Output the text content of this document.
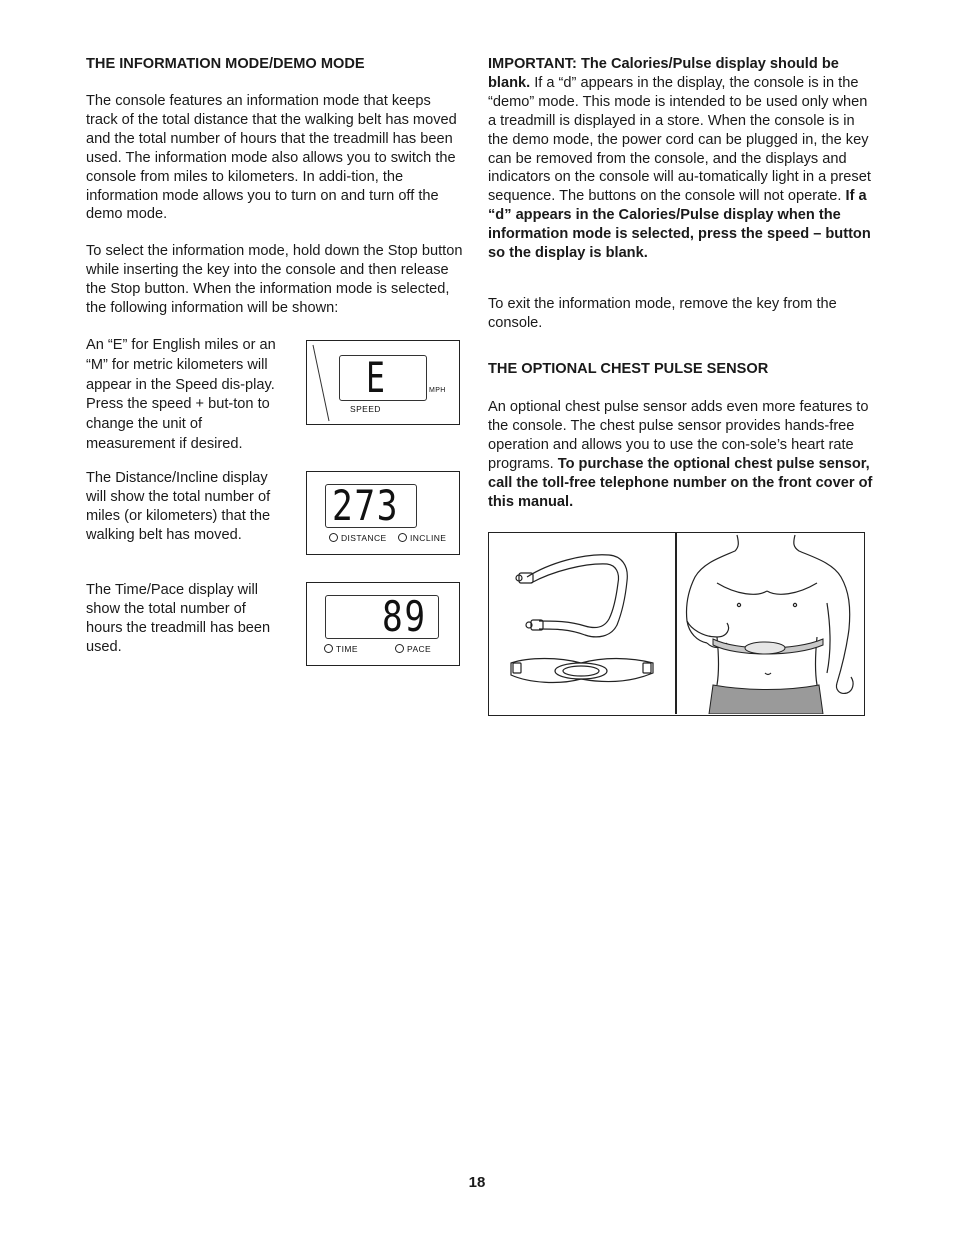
THE INFORMATION MODE/DEMO MODE

The console features an information mode that keeps track of the total distance that the walking belt has moved and the total number of hours that the treadmill has been used. The information mode also allows you to switch the console from miles to kilometers. In addi-tion, the information mode allows you to turn on and turn off the demo mode.

To select the information mode, hold down the Stop button while inserting the key into the console and then release the Stop button. When the information mode is selected, the following information will be shown:

An “E” for English miles or an “M” for metric kilometers will appear in the Speed dis-play. Press the speed + but-ton to change the unit of measurement if desired.

The Distance/Incline display will show the total number of miles (or kilometers) that the walking belt has moved.

The Time/Pace display will show the total number of hours the treadmill has been used.

E	MPH
SPEED
273
DISTANCE	INCLINE
89
TIME	PACE

IMPORTANT: The Calories/Pulse display should be blank. If a “d” appears in the display, the console is in the “demo” mode. This mode is intended to be used only when a treadmill is displayed in a store. When the console is in the demo mode, the power cord can be plugged in, the key can be removed from the console, and the displays and indicators on the console will au-tomatically light in a preset sequence. The buttons on the console will not operate. If a “d” appears in the Calories/Pulse display when the information mode is selected, press the speed – button so the display is blank.

To exit the information mode, remove the key from the console.

THE OPTIONAL CHEST PULSE SENSOR

An optional chest pulse sensor adds even more features to the console. The chest pulse sensor provides hands-free operation and allows you to use the con-sole’s heart rate programs. To purchase the optional chest pulse sensor, call the toll-free telephone number on the front cover of this manual.

18
